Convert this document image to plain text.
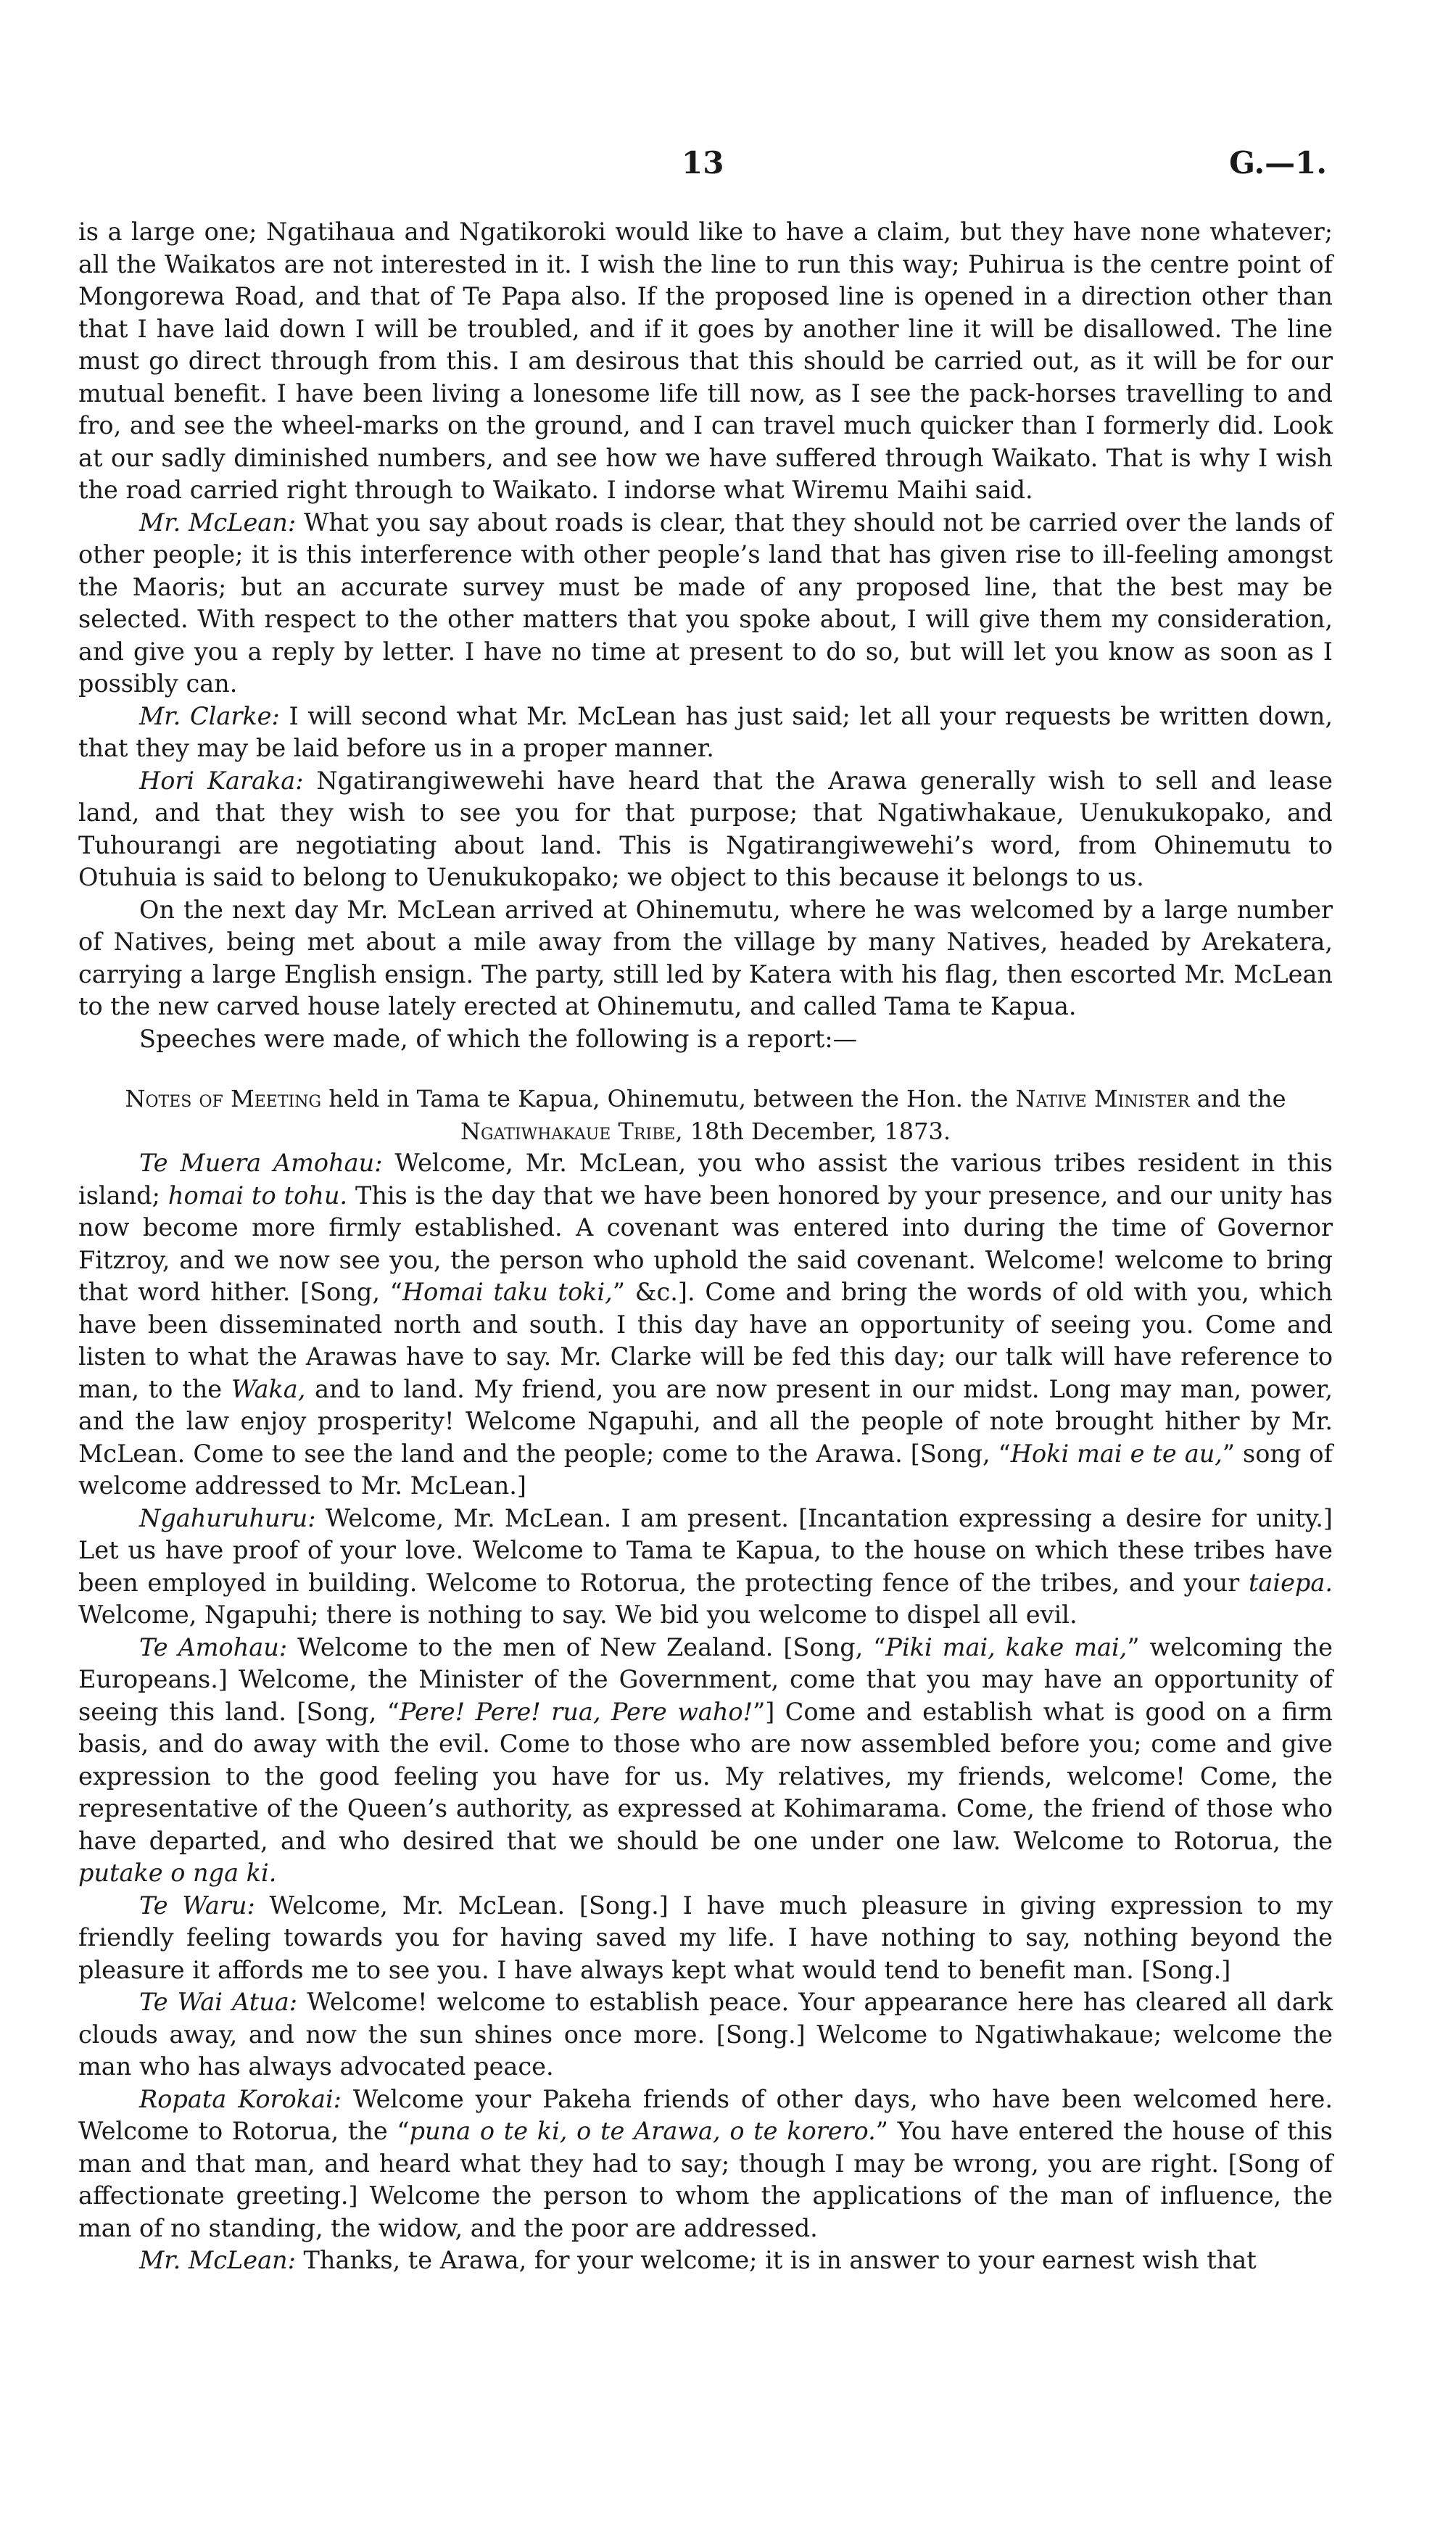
13	G.—1.

is a large one; Ngatihaua and Ngatikoroki would like to have a claim, but they have none whatever; all the Waikatos are not interested in it. I wish the line to run this way; Puhirua is the centre point of Mongorewa Road, and that of Te Papa also. If the proposed line is opened in a direction other than that I have laid down I will be troubled, and if it goes by another line it will be disallowed. The line must go direct through from this. I am desirous that this should be carried out, as it will be for our mutual benefit. I have been living a lonesome life till now, as I see the pack-horses travelling to and fro, and see the wheel-marks on the ground, and I can travel much quicker than I formerly did. Look at our sadly diminished numbers, and see how we have suffered through Waikato. That is why I wish the road carried right through to Waikato. I indorse what Wiremu Maihi said.

Mr. McLean: What you say about roads is clear, that they should not be carried over the lands of other people; it is this interference with other people’s land that has given rise to ill-feeling amongst the Maoris; but an accurate survey must be made of any proposed line, that the best may be selected. With respect to the other matters that you spoke about, I will give them my consideration, and give you a reply by letter. I have no time at present to do so, but will let you know as soon as I possibly can.

Mr. Clarke: I will second what Mr. McLean has just said; let all your requests be written down, that they may be laid before us in a proper manner.

Hori Karaka: Ngatirangiwewehi have heard that the Arawa generally wish to sell and lease land, and that they wish to see you for that purpose; that Ngatiwhakaue, Uenukukopako, and Tuhourangi are negotiating about land. This is Ngatirangiwewehi’s word, from Ohinemutu to Otuhuia is said to belong to Uenukukopako; we object to this because it belongs to us.

On the next day Mr. McLean arrived at Ohinemutu, where he was welcomed by a large number of Natives, being met about a mile away from the village by many Natives, headed by Arekatera, carrying a large English ensign. The party, still led by Katera with his flag, then escorted Mr. McLean to the new carved house lately erected at Ohinemutu, and called Tama te Kapua.

Speeches were made, of which the following is a report:—

Notes of Meeting held in Tama te Kapua, Ohinemutu, between the Hon. the Native Minister and the Ngatiwhakaue Tribe, 18th December, 1873.

Te Muera Amohau: Welcome, Mr. McLean, you who assist the various tribes resident in this island; homai to tohu. This is the day that we have been honored by your presence, and our unity has now become more firmly established. A covenant was entered into during the time of Governor Fitzroy, and we now see you, the person who uphold the said covenant. Welcome! welcome to bring that word hither. [Song, “Homai taku toki,” &c.]. Come and bring the words of old with you, which have been disseminated north and south. I this day have an opportunity of seeing you. Come and listen to what the Arawas have to say. Mr. Clarke will be fed this day; our talk will have reference to man, to the Waka, and to land. My friend, you are now present in our midst. Long may man, power, and the law enjoy prosperity! Welcome Ngapuhi, and all the people of note brought hither by Mr. McLean. Come to see the land and the people; come to the Arawa. [Song, “Hoki mai e te au,” song of welcome addressed to Mr. McLean.]

Ngahuruhuru: Welcome, Mr. McLean. I am present. [Incantation expressing a desire for unity.] Let us have proof of your love. Welcome to Tama te Kapua, to the house on which these tribes have been employed in building. Welcome to Rotorua, the protecting fence of the tribes, and your taiepa. Welcome, Ngapuhi; there is nothing to say. We bid you welcome to dispel all evil.

Te Amohau: Welcome to the men of New Zealand. [Song, “Piki mai, kake mai,” welcoming the Europeans.] Welcome, the Minister of the Government, come that you may have an opportunity of seeing this land. [Song, “Pere! Pere! rua, Pere waho!”] Come and establish what is good on a firm basis, and do away with the evil. Come to those who are now assembled before you; come and give expression to the good feeling you have for us. My relatives, my friends, welcome! Come, the representative of the Queen’s authority, as expressed at Kohimarama. Come, the friend of those who have departed, and who desired that we should be one under one law. Welcome to Rotorua, the putake o nga ki.

Te Waru: Welcome, Mr. McLean. [Song.] I have much pleasure in giving expression to my friendly feeling towards you for having saved my life. I have nothing to say, nothing beyond the pleasure it affords me to see you. I have always kept what would tend to benefit man. [Song.]

Te Wai Atua: Welcome! welcome to establish peace. Your appearance here has cleared all dark clouds away, and now the sun shines once more. [Song.] Welcome to Ngatiwhakaue; welcome the man who has always advocated peace.

Ropata Korokai: Welcome your Pakeha friends of other days, who have been welcomed here. Welcome to Rotorua, the “puna o te ki, o te Arawa, o te korero.” You have entered the house of this man and that man, and heard what they had to say; though I may be wrong, you are right. [Song of affectionate greeting.] Welcome the person to whom the applications of the man of influence, the man of no standing, the widow, and the poor are addressed.

Mr. McLean: Thanks, te Arawa, for your welcome; it is in answer to your earnest wish that
